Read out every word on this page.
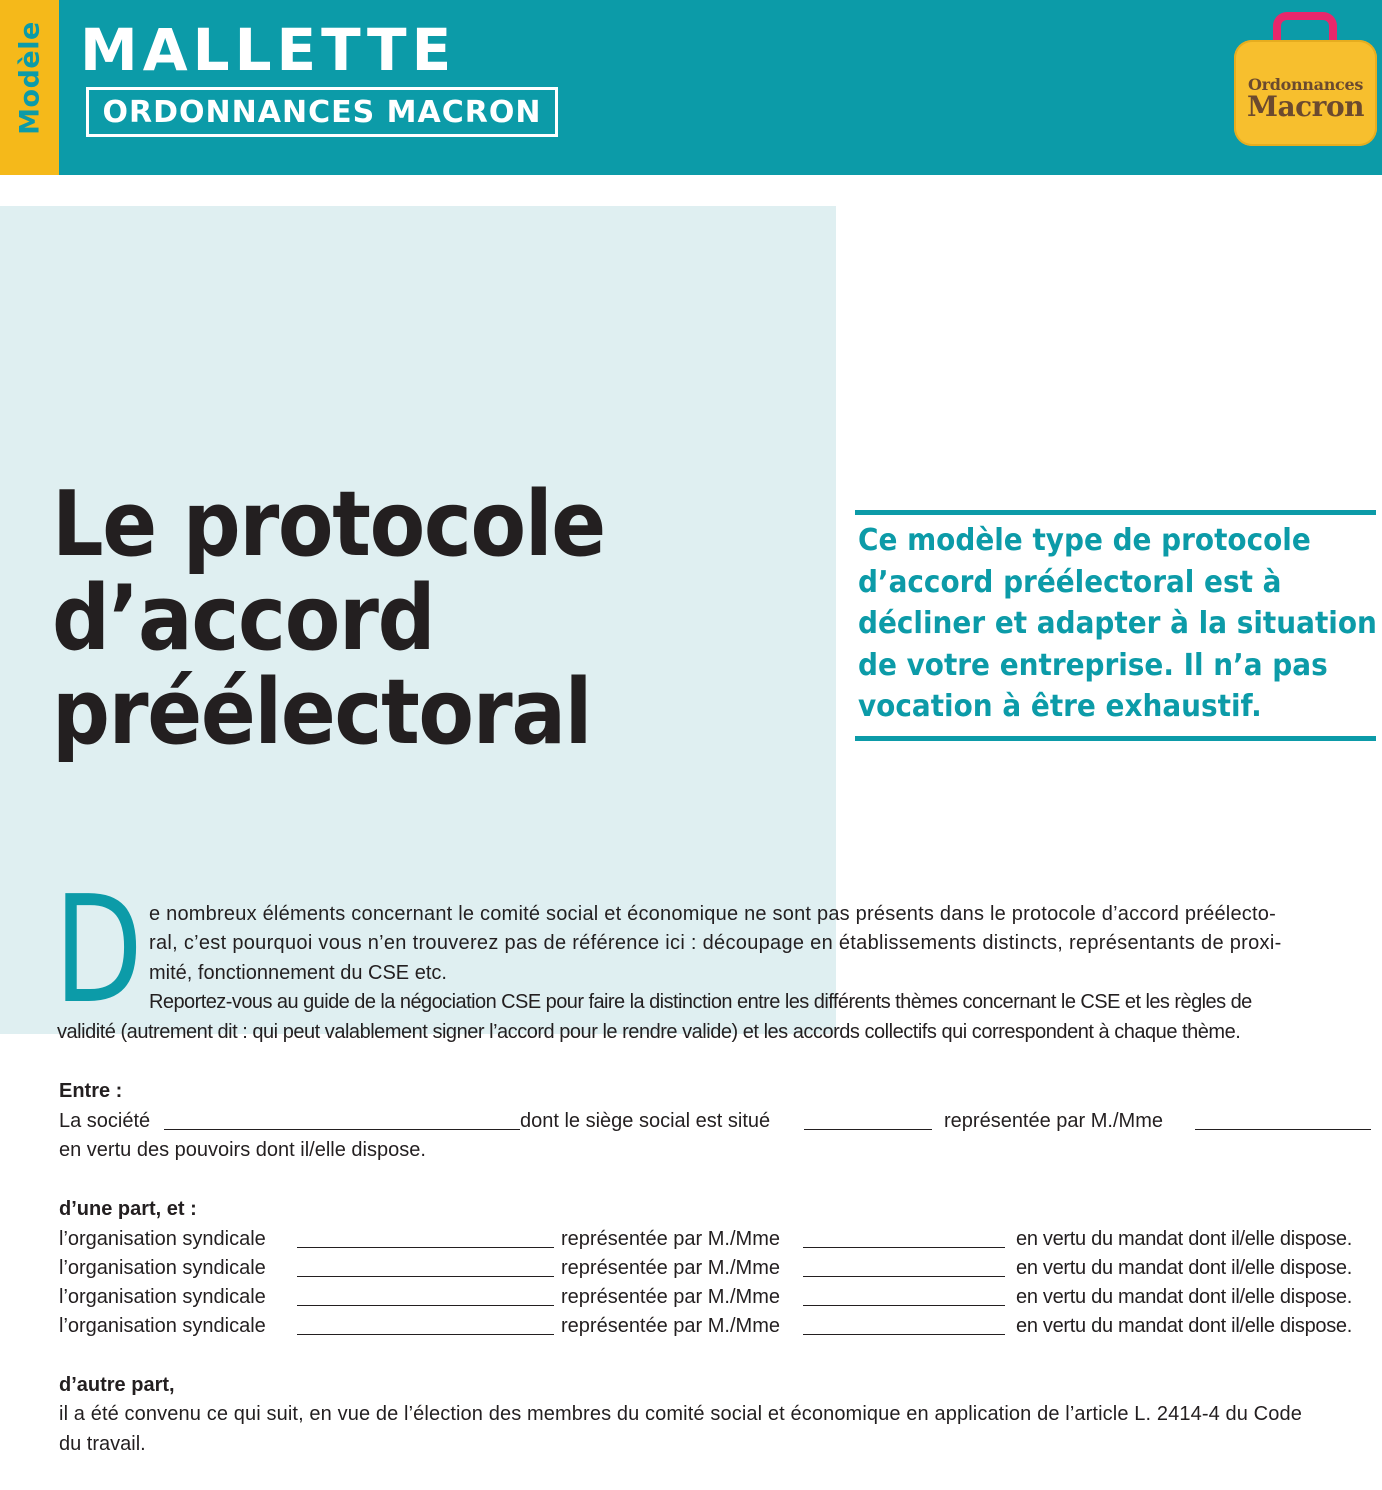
Modèle MALLETTE
ORDONNANCES MACRON
Ordonnances
Macron
Le protocole
d’accord
préélectoral
Ce modèle type de protocole
d’accord préélectoral est à
décliner et adapter à la situation
de votre entreprise. Il n’a pas
vocation à être exhaustif.
D e nombreux éléments concernant le comité social et économique ne sont pas présents dans le protocole d’accord préélecto-
ral, c’est pourquoi vous n’en trouverez pas de référence ici : découpage en établissements distincts, représentants de proxi-
mité, fonctionnement du CSE etc.
Reportez-vous au guide de la négociation CSE pour faire la distinction entre les différents thèmes concernant le CSE et les règles de
validité (autrement dit : qui peut valablement signer l’accord pour le rendre valide) et les accords collectifs qui correspondent à chaque thème.
Entre :
La société	dont le siège social est situé	représentée par M./Mme
en vertu des pouvoirs dont il/elle dispose.
d’une part, et :
l’organisation syndicale	représentée par M./Mme	en vertu du mandat dont il/elle dispose.
l’organisation syndicale	représentée par M./Mme	en vertu du mandat dont il/elle dispose.
l’organisation syndicale	représentée par M./Mme	en vertu du mandat dont il/elle dispose.
l’organisation syndicale	représentée par M./Mme	en vertu du mandat dont il/elle dispose.
d’autre part,
il a été convenu ce qui suit, en vue de l’élection des membres du comité social et économique en application de l’article L. 2414-4 du Code
du travail.
